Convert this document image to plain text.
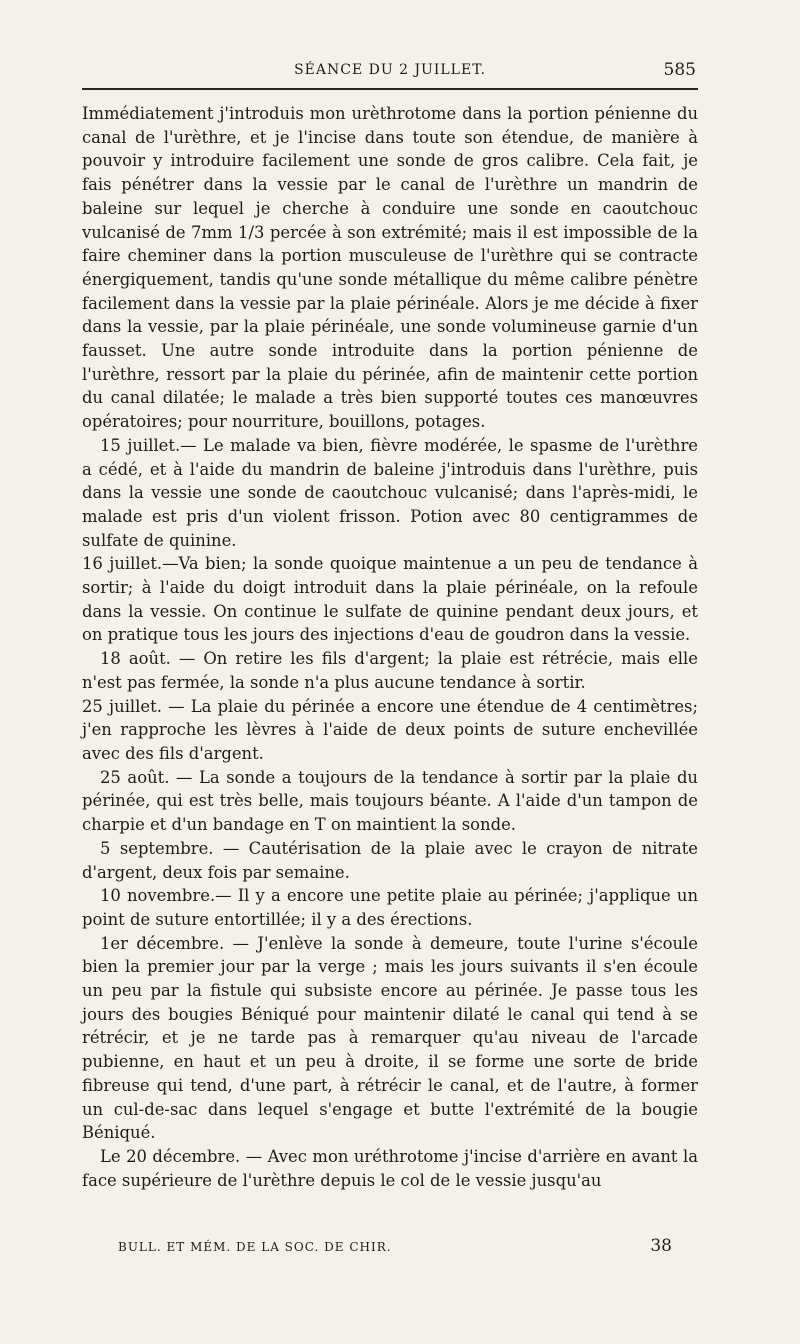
SÉANCE DU 2 JUILLET.	585

Immédiatement j'introduis mon urèthrotome dans la portion pénienne du canal de l'urèthre, et je l'incise dans toute son étendue, de manière à pouvoir y introduire facilement une sonde de gros calibre. Cela fait, je fais pénétrer dans la vessie par le canal de l'urèthre un mandrin de baleine sur lequel je cherche à conduire une sonde en caoutchouc vulcanisé de 7mm 1/3 percée à son extrémité; mais il est impossible de la faire cheminer dans la portion musculeuse de l'urèthre qui se contracte énergiquement, tandis qu'une sonde métallique du même calibre pénètre facilement dans la vessie par la plaie périnéale. Alors je me décide à fixer dans la vessie, par la plaie périnéale, une sonde volumineuse garnie d'un fausset. Une autre sonde introduite dans la portion pénienne de l'urèthre, ressort par la plaie du périnée, afin de maintenir cette portion du canal dilatée; le malade a très bien supporté toutes ces manœuvres opératoires; pour nourriture, bouillons, potages.

15 juillet.— Le malade va bien, fièvre modérée, le spasme de l'urèthre a cédé, et à l'aide du mandrin de baleine j'introduis dans l'urèthre, puis dans la vessie une sonde de caoutchouc vulcanisé; dans l'après-midi, le malade est pris d'un violent frisson. Potion avec 80 centigrammes de sulfate de quinine.

16 juillet.—Va bien; la sonde quoique maintenue a un peu de tendance à sortir; à l'aide du doigt introduit dans la plaie périnéale, on la refoule dans la vessie. On continue le sulfate de quinine pendant deux jours, et on pratique tous les jours des injections d'eau de goudron dans la vessie.

18 août. — On retire les fils d'argent; la plaie est rétrécie, mais elle n'est pas fermée, la sonde n'a plus aucune tendance à sortir.

25 juillet. — La plaie du périnée a encore une étendue de 4 centimètres; j'en rapproche les lèvres à l'aide de deux points de suture enchevillée avec des fils d'argent.

25 août. — La sonde a toujours de la tendance à sortir par la plaie du périnée, qui est très belle, mais toujours béante. A l'aide d'un tampon de charpie et d'un bandage en T on maintient la sonde.

5 septembre. — Cautérisation de la plaie avec le crayon de nitrate d'argent, deux fois par semaine.

10 novembre.— Il y a encore une petite plaie au périnée; j'applique un point de suture entortillée; il y a des érections.

1er décembre. — J'enlève la sonde à demeure, toute l'urine s'écoule bien la premier jour par la verge ; mais les jours suivants il s'en écoule un peu par la fistule qui subsiste encore au périnée. Je passe tous les jours des bougies Béniqué pour maintenir dilaté le canal qui tend à se rétrécir, et je ne tarde pas à remarquer qu'au niveau de l'arcade pubienne, en haut et un peu à droite, il se forme une sorte de bride fibreuse qui tend, d'une part, à rétrécir le canal, et de l'autre, à former un cul-de-sac dans lequel s'engage et butte l'extrémité de la bougie Béniqué.

Le 20 décembre. — Avec mon uréthrotome j'incise d'arrière en avant la face supérieure de l'urèthre depuis le col de le vessie jusqu'au

BULL. ET MÉM. DE LA SOC. DE CHIR.	38
